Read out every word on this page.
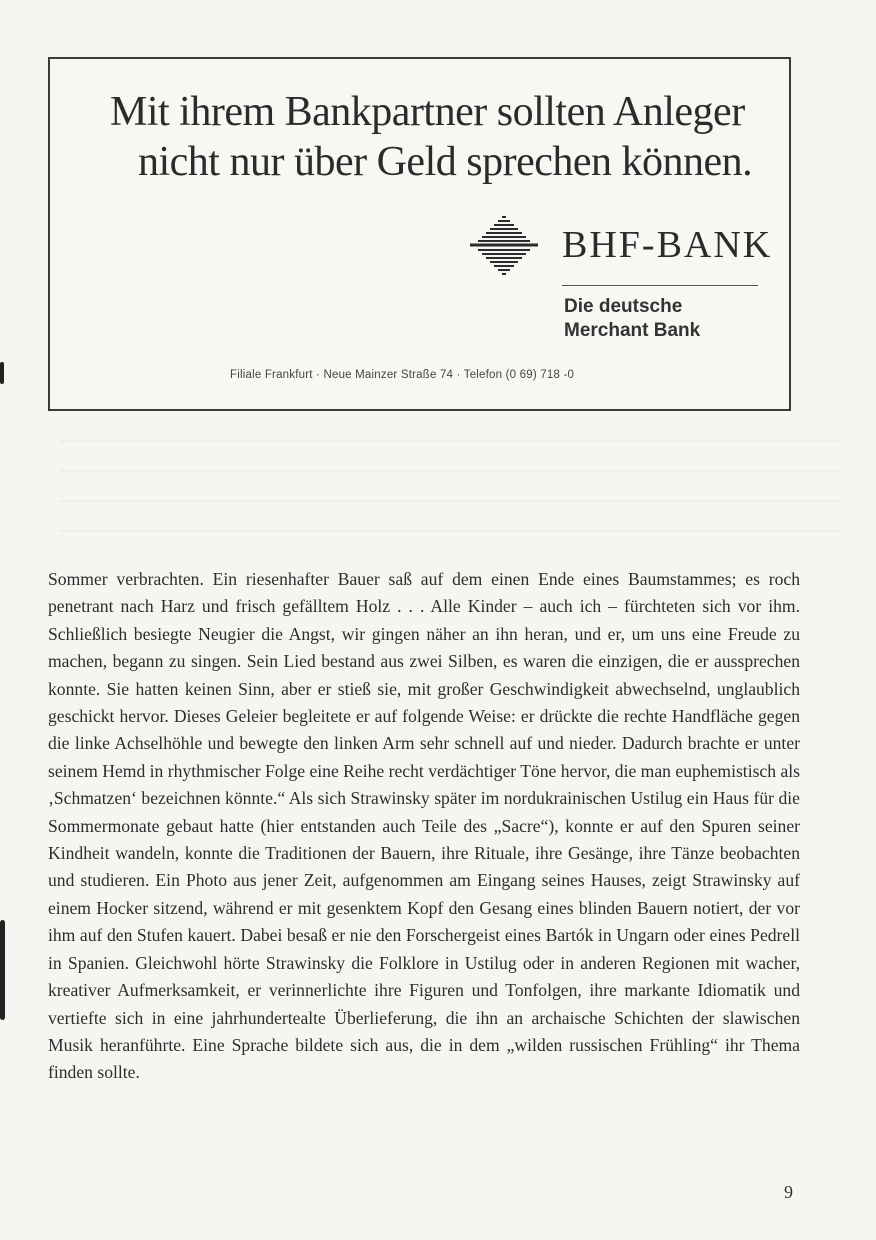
Mit ihrem Bankpartner sollten Anleger
nicht nur über Geld sprechen können.
BHF-BANK
Die deutsche
Merchant Bank
Filiale Frankfurt · Neue Mainzer Straße 74 · Telefon (0 69) 718 -0

Sommer verbrachten. Ein riesenhafter Bauer saß auf dem einen Ende eines Baumstammes; es roch penetrant nach Harz und frisch gefälltem Holz . . . Alle Kinder – auch ich – fürchteten sich vor ihm. Schließlich besiegte Neugier die Angst, wir gingen näher an ihn heran, und er, um uns eine Freude zu machen, begann zu singen. Sein Lied bestand aus zwei Silben, es waren die einzigen, die er aussprechen konnte. Sie hatten keinen Sinn, aber er stieß sie, mit großer Geschwindigkeit abwechselnd, unglaublich geschickt hervor. Dieses Geleier begleitete er auf folgende Weise: er drückte die rechte Handfläche gegen die linke Achselhöhle und bewegte den linken Arm sehr schnell auf und nieder. Dadurch brachte er unter seinem Hemd in rhythmischer Folge eine Reihe recht verdächtiger Töne hervor, die man euphemistisch als ‚Schmatzen‘ bezeichnen könnte.“ Als sich Strawinsky später im nordukrainischen Ustilug ein Haus für die Sommermonate gebaut hatte (hier entstanden auch Teile des „Sacre“), konnte er auf den Spuren seiner Kindheit wandeln, konnte die Traditionen der Bauern, ihre Rituale, ihre Gesänge, ihre Tänze beobachten und studieren. Ein Photo aus jener Zeit, aufgenommen am Eingang seines Hauses, zeigt Strawinsky auf einem Hocker sitzend, während er mit gesenktem Kopf den Gesang eines blinden Bauern notiert, der vor ihm auf den Stufen kauert. Dabei besaß er nie den Forschergeist eines Bartók in Ungarn oder eines Pedrell in Spanien. Gleichwohl hörte Strawinsky die Folklore in Ustilug oder in anderen Regionen mit wacher, kreativer Aufmerksamkeit, er verinnerlichte ihre Figuren und Tonfolgen, ihre markante Idiomatik und vertiefte sich in eine jahrhundertealte Überlieferung, die ihn an archaische Schichten der slawischen Musik heranführte. Eine Sprache bildete sich aus, die in dem „wilden russischen Frühling“ ihr Thema finden sollte.

9
